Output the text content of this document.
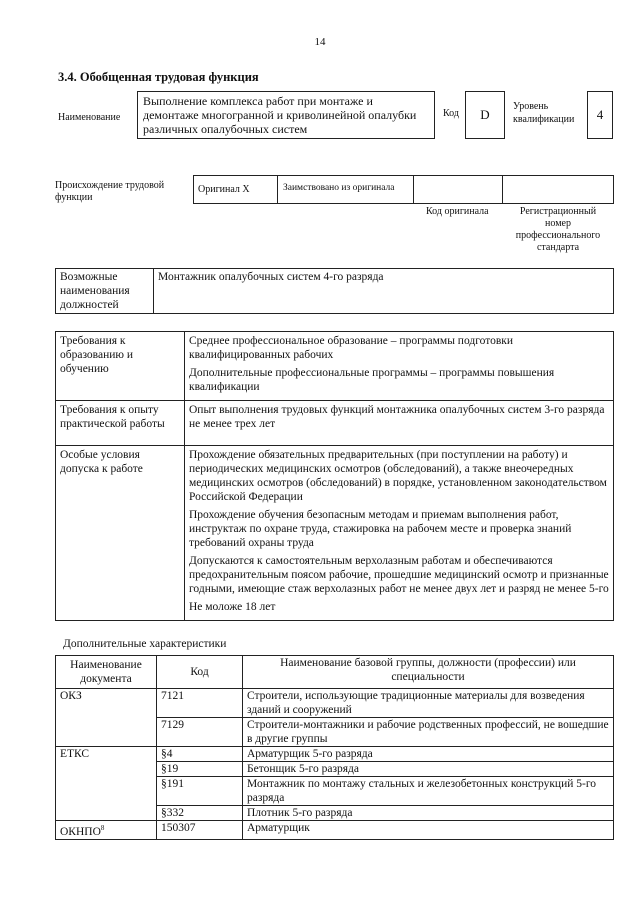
14
3.4. Обобщенная трудовая функция
Наименование
Выполнение комплекса работ при монтаже и демонтаже многогранной и криволинейной опалубки различных опалубочных систем
Код	D
Уровень квалификации	4
Происхождение трудовой функции
Оригинал X	Заимствовано из оригинала
Код оригинала	Регистрационный номер профессионального стандарта
Возможные наименования должностей	Монтажник опалубочных систем 4-го разряда
Требования к образованию и обучению	Среднее профессиональное образование – программы подготовки квалифицированных рабочих

Дополнительные профессиональные программы – программы повышения квалификации

Требования к опыту практической работы	Опыт выполнения трудовых функций монтажника опалубочных систем 3-го разряда не менее трех лет

Особые условия допуска к работе	Прохождение обязательных предварительных (при поступлении на работу) и периодических медицинских осмотров (обследований), а также внеочередных медицинских осмотров (обследований) в порядке, установленном законодательством Российской Федерации

Прохождение обучения безопасным методам и приемам выполнения работ, инструктаж по охране труда, стажировка на рабочем месте и проверка знаний требований охраны труда

Допускаются к самостоятельным верхолазным работам и обеспечиваются предохранительным поясом рабочие, прошедшие медицинский осмотр и признанные годными, имеющие стаж верхолазных работ не менее двух лет и разряд не менее 5-го

Не моложе 18 лет

Дополнительные характеристики
Наименование документа	Код	Наименование базовой группы, должности (профессии) или специальности
ОКЗ	7121	Строители, использующие традиционные материалы для возведения зданий и сооружений
	7129	Строители-монтажники и рабочие родственных профессий, не вошедшие в другие группы
ЕТКС	§4	Арматурщик 5-го разряда
	§19	Бетонщик 5-го разряда
	§191	Монтажник по монтажу стальных и железобетонных конструкций 5-го разряда
	§332	Плотник 5-го разряда
ОКНПО$^8$	150307	Арматурщик
